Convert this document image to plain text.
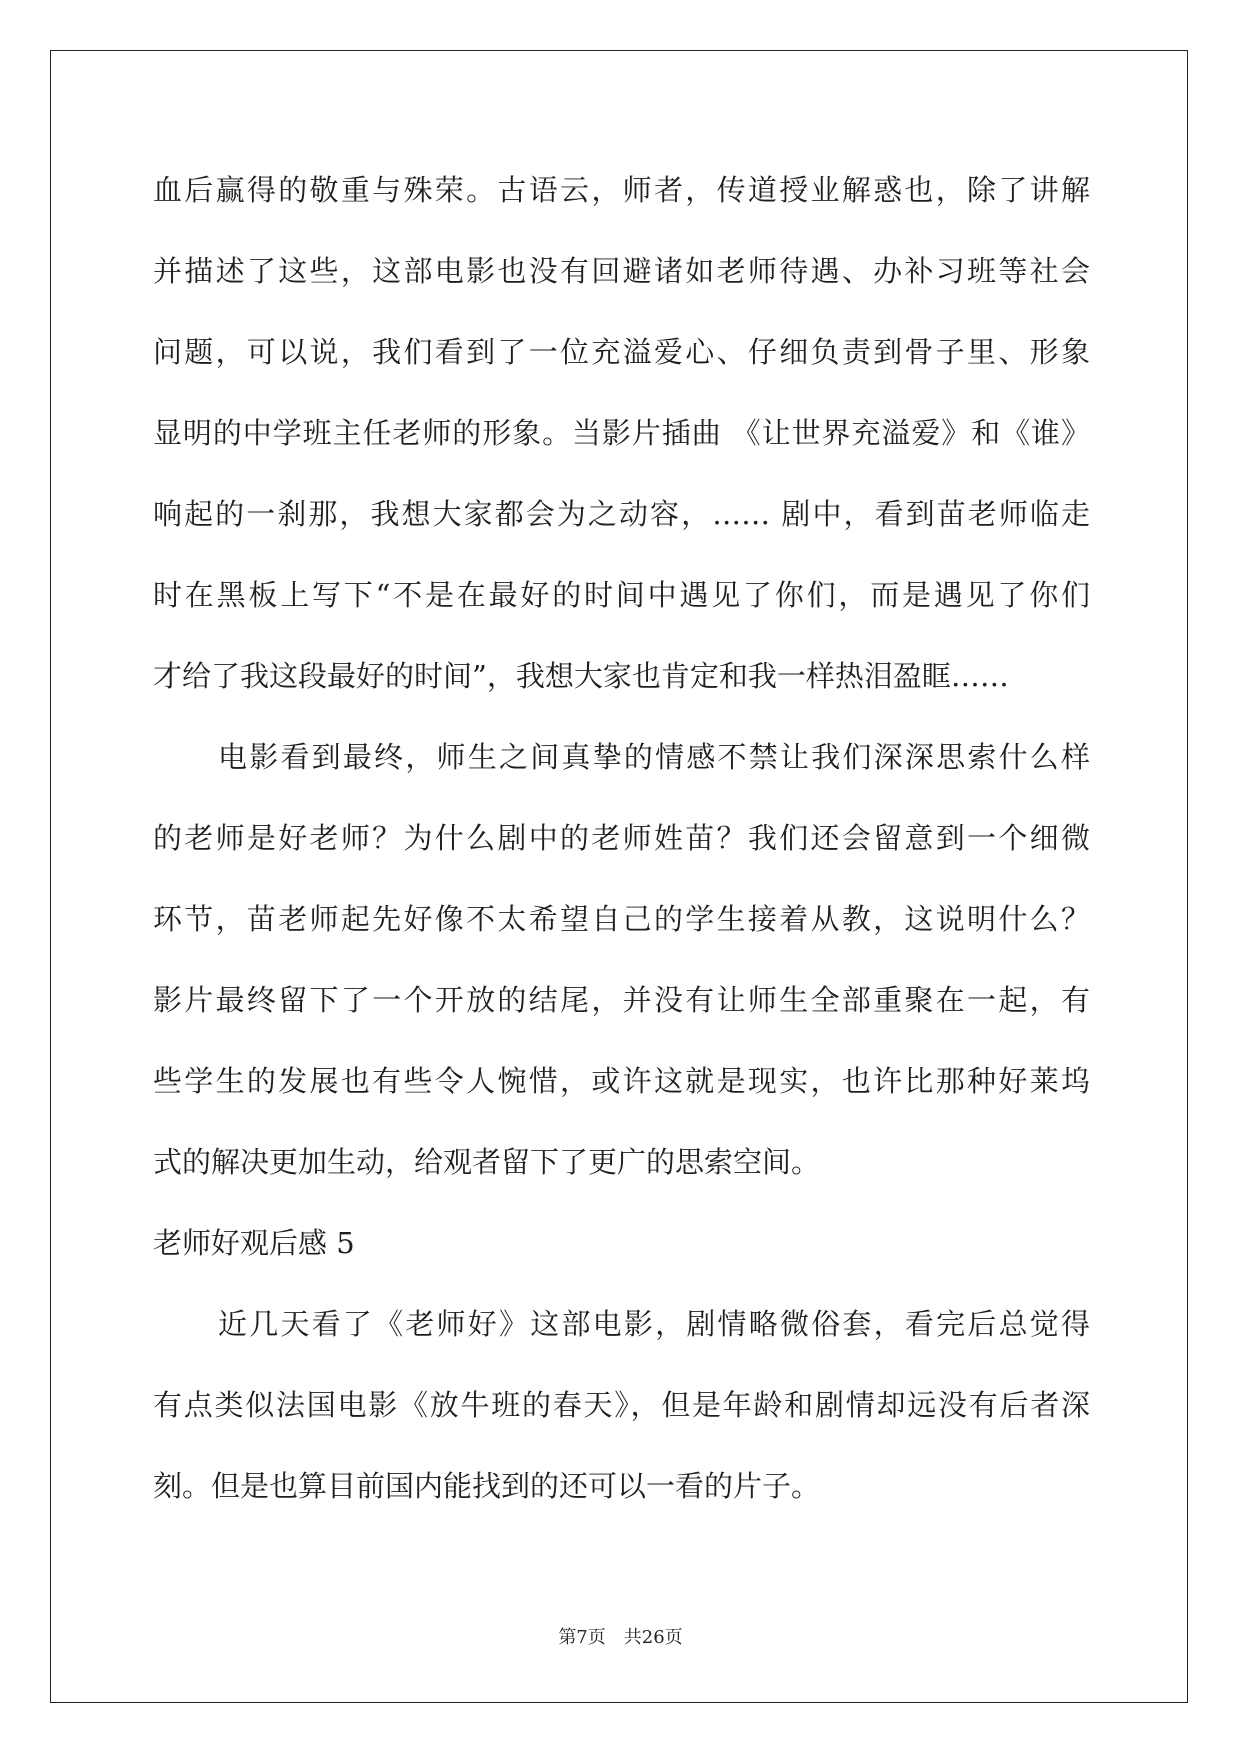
血后赢得的敬重与殊荣。古语云，师者，传道授业解惑也，除了讲解
并描述了这些，这部电影也没有回避诸如老师待遇、办补习班等社会
问题，可以说，我们看到了一位充溢爱心、仔细负责到骨子里、形象
显明的中学班主任老师的形象。当影片插曲 《让世界充溢爱》和《谁》
响起的一刹那，我想大家都会为之动容，…… 剧中，看到苗老师临走
时在黑板上写下“不是在最好的时间中遇见了你们，而是遇见了你们
才给了我这段最好的时间”，我想大家也肯定和我一样热泪盈眶……
电影看到最终，师生之间真挚的情感不禁让我们深深思索什么样
的老师是好老师？为什么剧中的老师姓苗？我们还会留意到一个细微
环节，苗老师起先好像不太希望自己的学生接着从教，这说明什么？
影片最终留下了一个开放的结尾，并没有让师生全部重聚在一起，有
些学生的发展也有些令人惋惜，或许这就是现实，也许比那种好莱坞
式的解决更加生动，给观者留下了更广的思索空间。
老师好观后感 5
近几天看了《老师好》这部电影，剧情略微俗套，看完后总觉得
有点类似法国电影《放牛班的春天》，但是年龄和剧情却远没有后者深
刻。但是也算目前国内能找到的还可以一看的片子。
第7页　共26页
